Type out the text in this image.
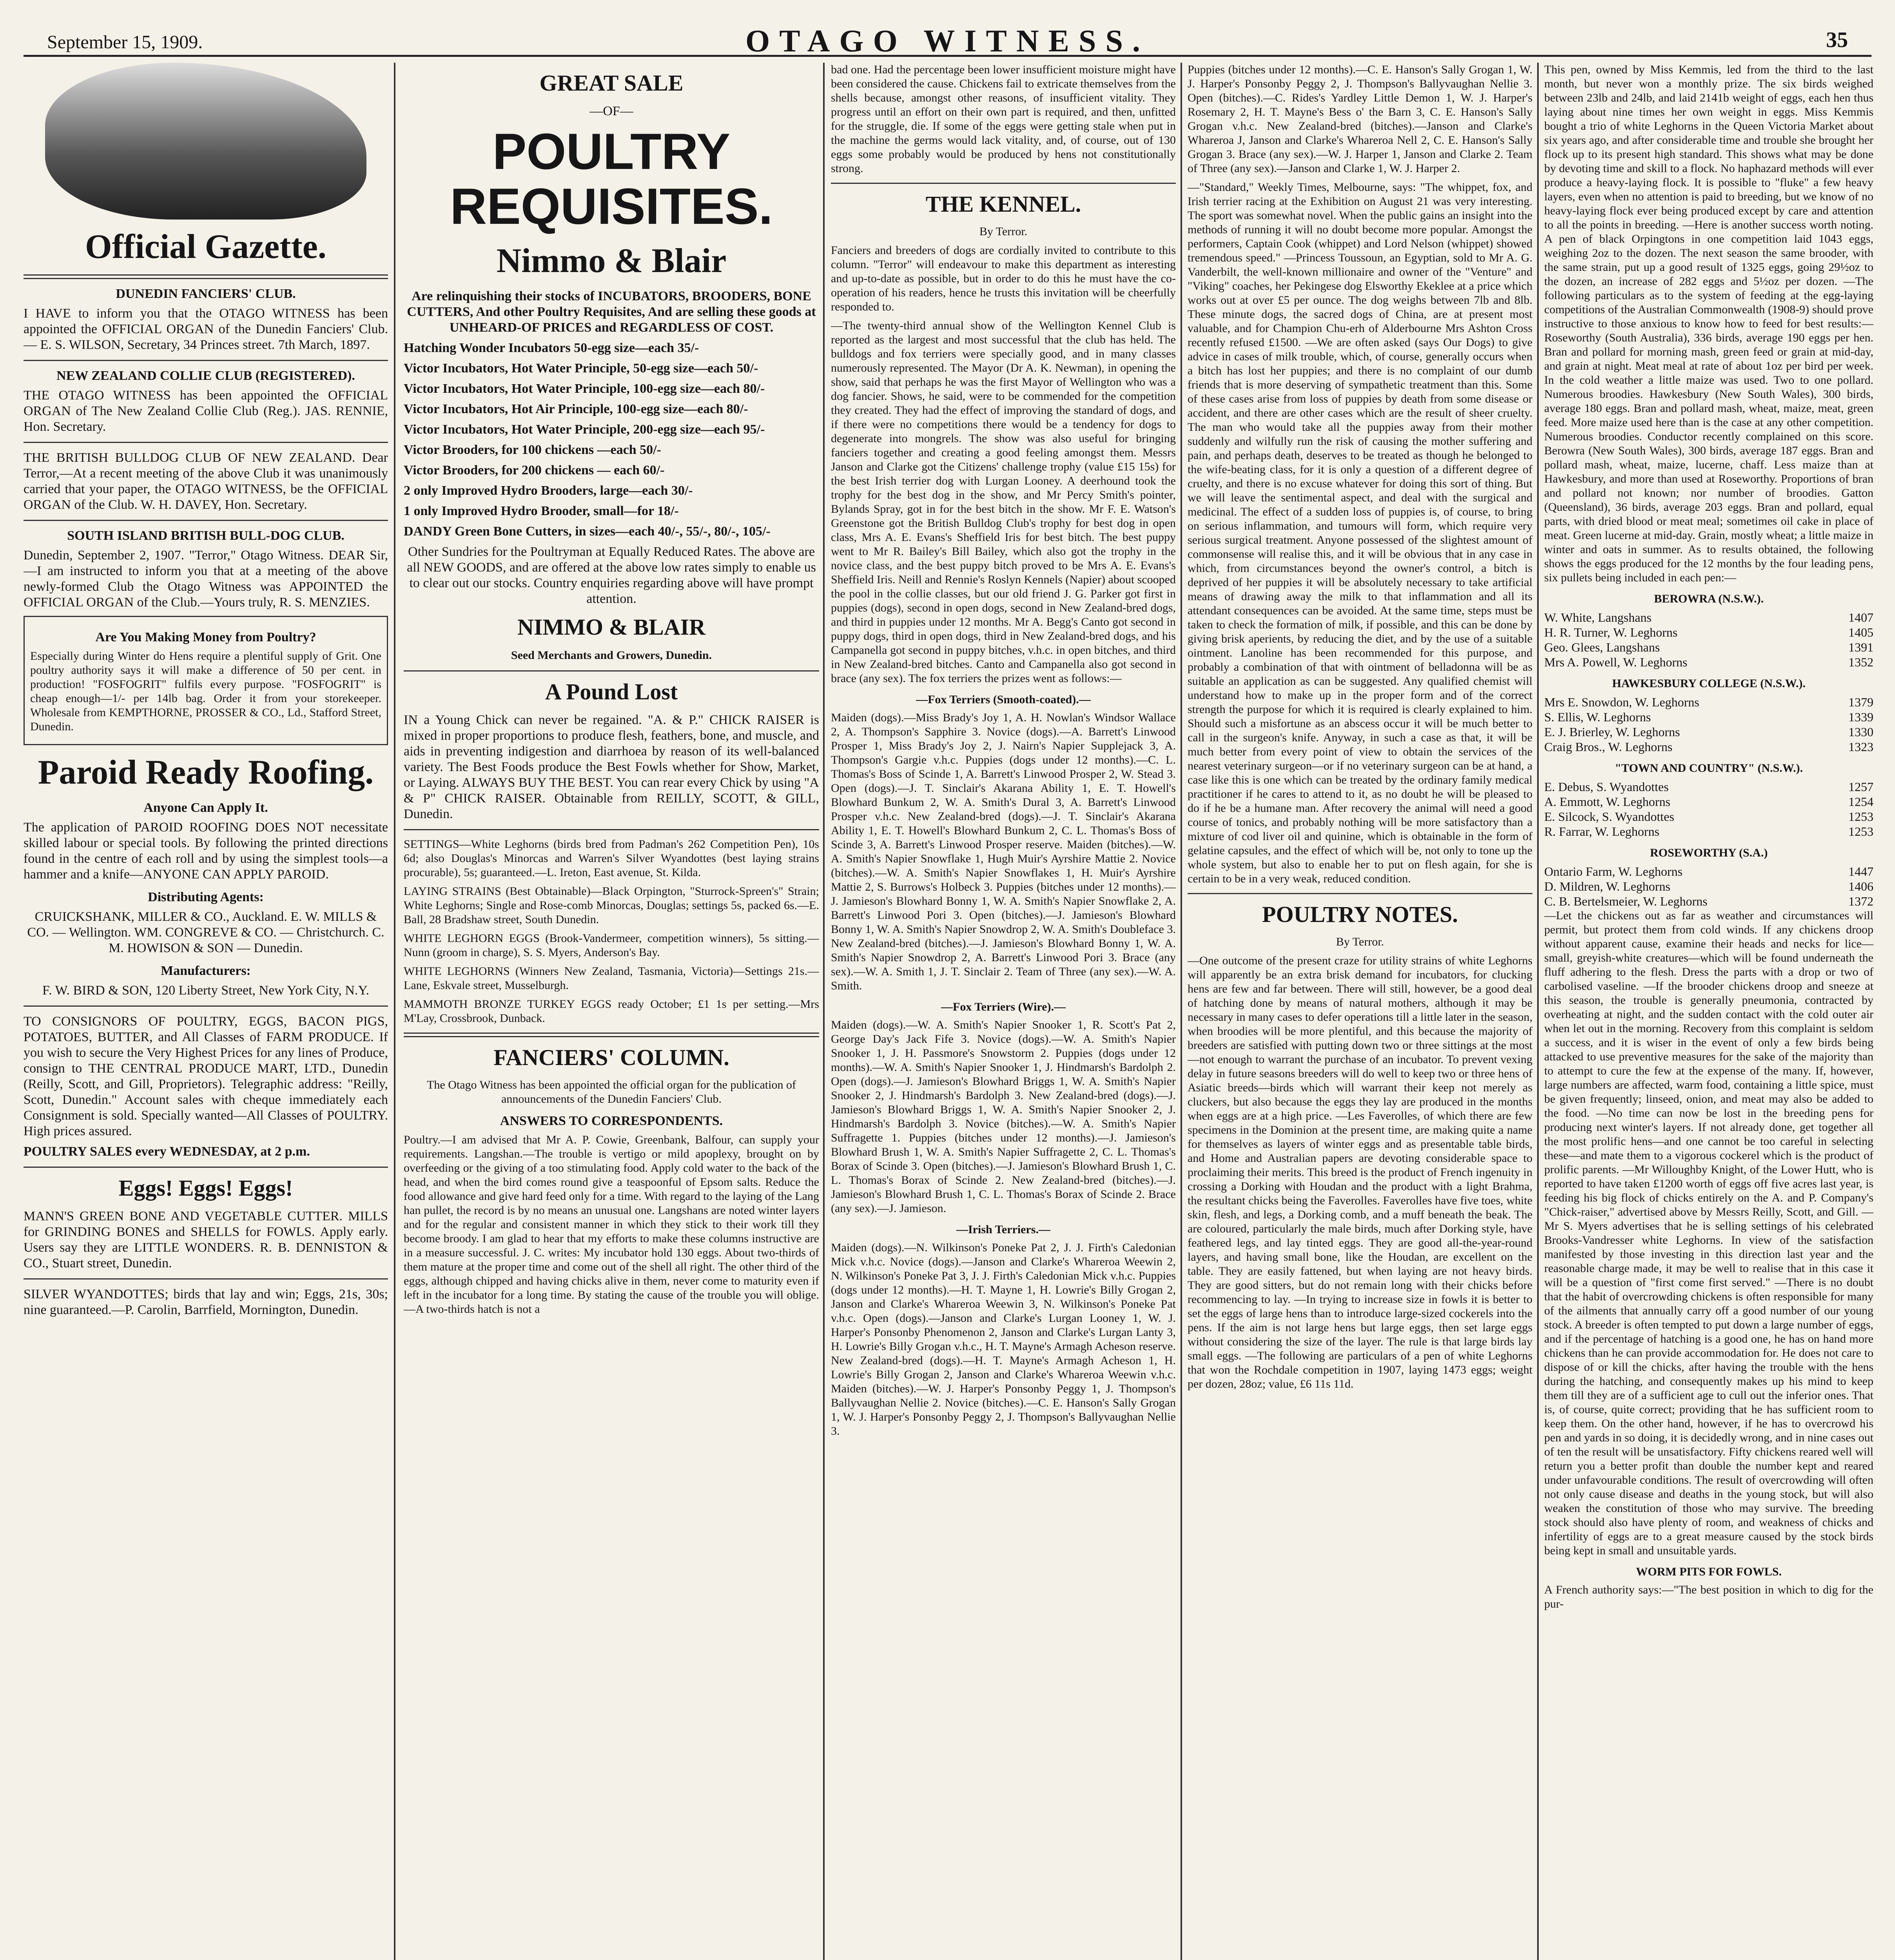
September 15, 1909.	OTAGO WITNESS.	35

Official Gazette.

DUNEDIN FANCIERS' CLUB.

I HAVE to inform you that the OTAGO WITNESS has been appointed the OFFICIAL ORGAN of the Dunedin Fanciers' Club. — E. S. WILSON, Secretary, 34 Princes street. 7th March, 1897.

NEW ZEALAND COLLIE CLUB (REGISTERED).

THE OTAGO WITNESS has been appointed the OFFICIAL ORGAN of The New Zealand Collie Club (Reg.). JAS. RENNIE, Hon. Secretary.

THE BRITISH BULLDOG CLUB OF NEW ZEALAND. Dear Terror,—At a recent meeting of the above Club it was unanimously carried that your paper, the OTAGO WITNESS, be the OFFICIAL ORGAN of the Club. W. H. DAVEY, Hon. Secretary.

SOUTH ISLAND BRITISH BULL-DOG CLUB.

Dunedin, September 2, 1907. "Terror," Otago Witness. DEAR Sir,—I am instructed to inform you that at a meeting of the above newly-formed Club the Otago Witness was APPOINTED the OFFICIAL ORGAN of the Club.—Yours truly, R. S. MENZIES.

Are You Making Money from Poultry?

Especially during Winter do Hens require a plentiful supply of Grit. One poultry authority says it will make a difference of 50 per cent. in production! "FOSFOGRIT" fulfils every purpose. "FOSFOGRIT" is cheap enough—1/- per 14lb bag. Order it from your storekeeper. Wholesale from KEMPTHORNE, PROSSER & CO., Ld., Stafford Street, Dunedin.

Paroid Ready Roofing.

Anyone Can Apply It.

The application of PAROID ROOFING DOES NOT necessitate skilled labour or special tools. By following the printed directions found in the centre of each roll and by using the simplest tools—a hammer and a knife—ANYONE CAN APPLY PAROID.

Distributing Agents:

CRUICKSHANK, MILLER & CO., Auckland. E. W. MILLS & CO. — Wellington. WM. CONGREVE & CO. — Christchurch. C. M. HOWISON & SON — Dunedin.

Manufacturers:

F. W. BIRD & SON, 120 Liberty Street, New York City, N.Y.

TO CONSIGNORS OF POULTRY, EGGS, BACON PIGS, POTATOES, BUTTER, and All Classes of FARM PRODUCE. If you wish to secure the Very Highest Prices for any lines of Produce, consign to THE CENTRAL PRODUCE MART, LTD., Dunedin (Reilly, Scott, and Gill, Proprietors). Telegraphic address: "Reilly, Scott, Dunedin." Account sales with cheque immediately each Consignment is sold. Specially wanted—All Classes of POULTRY. High prices assured.

POULTRY SALES every WEDNESDAY, at 2 p.m.

Eggs! Eggs! Eggs!

MANN'S GREEN BONE AND VEGETABLE CUTTER. MILLS for GRINDING BONES and SHELLS for FOWLS. Apply early. Users say they are LITTLE WONDERS. R. B. DENNISTON & CO., Stuart street, Dunedin.

SILVER WYANDOTTES; birds that lay and win; Eggs, 21s, 30s; nine guaranteed.—P. Carolin, Barrfield, Mornington, Dunedin.

GREAT SALE

—OF—

POULTRY

REQUISITES.

Nimmo & Blair

Are relinquishing their stocks of INCUBATORS, BROODERS, BONE CUTTERS, And other Poultry Requisites, And are selling these goods at UNHEARD-OF PRICES and REGARDLESS OF COST.

Hatching Wonder Incubators 50-egg size—each 35/-

Victor Incubators, Hot Water Principle, 50-egg size—each 50/-

Victor Incubators, Hot Water Principle, 100-egg size—each 80/-

Victor Incubators, Hot Air Principle, 100-egg size—each 80/-

Victor Incubators, Hot Water Principle, 200-egg size—each 95/-

Victor Brooders, for 100 chickens —each 50/-

Victor Brooders, for 200 chickens — each 60/-

2 only Improved Hydro Brooders, large—each 30/-

1 only Improved Hydro Brooder, small—for 18/-

DANDY Green Bone Cutters, in sizes—each 40/-, 55/-, 80/-, 105/-

Other Sundries for the Poultryman at Equally Reduced Rates. The above are all NEW GOODS, and are offered at the above low rates simply to enable us to clear out our stocks. Country enquiries regarding above will have prompt attention.

NIMMO & BLAIR

Seed Merchants and Growers, Dunedin.

A Pound Lost

IN a Young Chick can never be regained. "A. & P." CHICK RAISER is mixed in proper proportions to produce flesh, feathers, bone, and muscle, and aids in preventing indigestion and diarrhoea by reason of its well-balanced variety. The Best Foods produce the Best Fowls whether for Show, Market, or Laying. ALWAYS BUY THE BEST. You can rear every Chick by using "A & P" CHICK RAISER. Obtainable from REILLY, SCOTT, & GILL, Dunedin.

SETTINGS—White Leghorns (birds bred from Padman's 262 Competition Pen), 10s 6d; also Douglas's Minorcas and Warren's Silver Wyandottes (best laying strains procurable), 5s; guaranteed.—L. Ireton, East avenue, St. Kilda.

LAYING STRAINS (Best Obtainable)—Black Orpington, "Sturrock-Spreen's" Strain; White Leghorns; Single and Rose-comb Minorcas, Douglas; settings 5s, packed 6s.—E. Ball, 28 Bradshaw street, South Dunedin.

WHITE LEGHORN EGGS (Brook-Vandermeer, competition winners), 5s sitting.—Nunn (groom in charge), S. S. Myers, Anderson's Bay.

WHITE LEGHORNS (Winners New Zealand, Tasmania, Victoria)—Settings 21s.—Lane, Eskvale street, Musselburgh.

MAMMOTH BRONZE TURKEY EGGS ready October; £1 1s per setting.—Mrs M'Lay, Crossbrook, Dunback.

FANCIERS' COLUMN.

The Otago Witness has been appointed the official organ for the publication of announcements of the Dunedin Fanciers' Club.

ANSWERS TO CORRESPONDENTS.

Poultry.—I am advised that Mr A. P. Cowie, Greenbank, Balfour, can supply your requirements. Langshan.—The trouble is vertigo or mild apoplexy, brought on by overfeeding or the giving of a too stimulating food. Apply cold water to the back of the head, and when the bird comes round give a teaspoonful of Epsom salts. Reduce the food allowance and give hard feed only for a time. With regard to the laying of the Lang han pullet, the record is by no means an unusual one. Langshans are noted winter layers and for the regular and consistent manner in which they stick to their work till they become broody. I am glad to hear that my efforts to make these columns instructive are in a measure successful. J. C. writes: My incubator hold 130 eggs. About two-thirds of them mature at the proper time and come out of the shell all right. The other third of the eggs, although chipped and having chicks alive in them, never come to maturity even if left in the incubator for a long time. By stating the cause of the trouble you will oblige.—A two-thirds hatch is not a

bad one. Had the percentage been lower insufficient moisture might have been considered the cause. Chickens fail to extricate themselves from the shells because, amongst other reasons, of insufficient vitality. They progress until an effort on their own part is required, and then, unfitted for the struggle, die. If some of the eggs were getting stale when put in the machine the germs would lack vitality, and, of course, out of 130 eggs some probably would be produced by hens not constitutionally strong.

THE KENNEL.

By Terror.

Fanciers and breeders of dogs are cordially invited to contribute to this column. "Terror" will endeavour to make this department as interesting and up-to-date as possible, but in order to do this he must have the co-operation of his readers, hence he trusts this invitation will be cheerfully responded to.

—The twenty-third annual show of the Wellington Kennel Club is reported as the largest and most successful that the club has held. The bulldogs and fox terriers were specially good, and in many classes numerously represented. The Mayor (Dr A. K. Newman), in opening the show, said that perhaps he was the first Mayor of Wellington who was a dog fancier. Shows, he said, were to be commended for the competition they created. They had the effect of improving the standard of dogs, and if there were no competitions there would be a tendency for dogs to degenerate into mongrels. The show was also useful for bringing fanciers together and creating a good feeling amongst them. Messrs Janson and Clarke got the Citizens' challenge trophy (value £15 15s) for the best Irish terrier dog with Lurgan Looney. A deerhound took the trophy for the best dog in the show, and Mr Percy Smith's pointer, Bylands Spray, got in for the best bitch in the show. Mr F. E. Watson's Greenstone got the British Bulldog Club's trophy for best dog in open class, Mrs A. E. Evans's Sheffield Iris for best bitch. The best puppy went to Mr R. Bailey's Bill Bailey, which also got the trophy in the novice class, and the best puppy bitch proved to be Mrs A. E. Evans's Sheffield Iris. Neill and Rennie's Roslyn Kennels (Napier) about scooped the pool in the collie classes, but our old friend J. G. Parker got first in puppies (dogs), second in open dogs, second in New Zealand-bred dogs, and third in puppies under 12 months. Mr A. Begg's Canto got second in puppy dogs, third in open dogs, third in New Zealand-bred dogs, and his Campanella got second in puppy bitches, v.h.c. in open bitches, and third in New Zealand-bred bitches. Canto and Campanella also got second in brace (any sex). The fox terriers the prizes went as follows:—

—Fox Terriers (Smooth-coated).—

Maiden (dogs).—Miss Brady's Joy 1, A. H. Nowlan's Windsor Wallace 2, A. Thompson's Sapphire 3. Novice (dogs).—A. Barrett's Linwood Prosper 1, Miss Brady's Joy 2, J. Nairn's Napier Supplejack 3, A. Thompson's Gargie v.h.c. Puppies (dogs under 12 months).—C. L. Thomas's Boss of Scinde 1, A. Barrett's Linwood Prosper 2, W. Stead 3. Open (dogs).—J. T. Sinclair's Akarana Ability 1, E. T. Howell's Blowhard Bunkum 2, W. A. Smith's Dural 3, A. Barrett's Linwood Prosper v.h.c. New Zealand-bred (dogs).—J. T. Sinclair's Akarana Ability 1, E. T. Howell's Blowhard Bunkum 2, C. L. Thomas's Boss of Scinde 3, A. Barrett's Linwood Prosper reserve. Maiden (bitches).—W. A. Smith's Napier Snowflake 1, Hugh Muir's Ayrshire Mattie 2. Novice (bitches).—W. A. Smith's Napier Snowflakes 1, H. Muir's Ayrshire Mattie 2, S. Burrows's Holbeck 3. Puppies (bitches under 12 months).—J. Jamieson's Blowhard Bonny 1, W. A. Smith's Napier Snowflake 2, A. Barrett's Linwood Pori 3. Open (bitches).—J. Jamieson's Blowhard Bonny 1, W. A. Smith's Napier Snowdrop 2, W. A. Smith's Doubleface 3. New Zealand-bred (bitches).—J. Jamieson's Blowhard Bonny 1, W. A. Smith's Napier Snowdrop 2, A. Barrett's Linwood Pori 3. Brace (any sex).—W. A. Smith 1, J. T. Sinclair 2. Team of Three (any sex).—W. A. Smith.

—Fox Terriers (Wire).—

Maiden (dogs).—W. A. Smith's Napier Snooker 1, R. Scott's Pat 2, George Day's Jack Fife 3. Novice (dogs).—W. A. Smith's Napier Snooker 1, J. H. Passmore's Snowstorm 2. Puppies (dogs under 12 months).—W. A. Smith's Napier Snooker 1, J. Hindmarsh's Bardolph 2. Open (dogs).—J. Jamieson's Blowhard Briggs 1, W. A. Smith's Napier Snooker 2, J. Hindmarsh's Bardolph 3. New Zealand-bred (dogs).—J. Jamieson's Blowhard Briggs 1, W. A. Smith's Napier Snooker 2, J. Hindmarsh's Bardolph 3. Novice (bitches).—W. A. Smith's Napier Suffragette 1. Puppies (bitches under 12 months).—J. Jamieson's Blowhard Brush 1, W. A. Smith's Napier Suffragette 2, C. L. Thomas's Borax of Scinde 3. Open (bitches).—J. Jamieson's Blowhard Brush 1, C. L. Thomas's Borax of Scinde 2. New Zealand-bred (bitches).—J. Jamieson's Blowhard Brush 1, C. L. Thomas's Borax of Scinde 2. Brace (any sex).—J. Jamieson.

—Irish Terriers.—

Maiden (dogs).—N. Wilkinson's Poneke Pat 2, J. J. Firth's Caledonian Mick v.h.c. Novice (dogs).—Janson and Clarke's Whareroa Weewin 2, N. Wilkinson's Poneke Pat 3, J. J. Firth's Caledonian Mick v.h.c. Puppies (dogs under 12 months).—H. T. Mayne 1, H. Lowrie's Billy Grogan 2, Janson and Clarke's Whareroa Weewin 3, N. Wilkinson's Poneke Pat v.h.c. Open (dogs).—Janson and Clarke's Lurgan Looney 1, W. J. Harper's Ponsonby Phenomenon 2, Janson and Clarke's Lurgan Lanty 3, H. Lowrie's Billy Grogan v.h.c., H. T. Mayne's Armagh Acheson reserve. New Zealand-bred (dogs).—H. T. Mayne's Armagh Acheson 1, H. Lowrie's Billy Grogan 2, Janson and Clarke's Whareroa Weewin v.h.c. Maiden (bitches).—W. J. Harper's Ponsonby Peggy 1, J. Thompson's Ballyvaughan Nellie 2. Novice (bitches).—C. E. Hanson's Sally Grogan 1, W. J. Harper's Ponsonby Peggy 2, J. Thompson's Ballyvaughan Nellie 3.

Puppies (bitches under 12 months).—C. E. Hanson's Sally Grogan 1, W. J. Harper's Ponsonby Peggy 2, J. Thompson's Ballyvaughan Nellie 3. Open (bitches).—C. Rides's Yardley Little Demon 1, W. J. Harper's Rosemary 2, H. T. Mayne's Bess o' the Barn 3, C. E. Hanson's Sally Grogan v.h.c. New Zealand-bred (bitches).—Janson and Clarke's Whareroa J, Janson and Clarke's Whareroa Nell 2, C. E. Hanson's Sally Grogan 3. Brace (any sex).—W. J. Harper 1, Janson and Clarke 2. Team of Three (any sex).—Janson and Clarke 1, W. J. Harper 2.

—"Standard," Weekly Times, Melbourne, says: "The whippet, fox, and Irish terrier racing at the Exhibition on August 21 was very interesting. The sport was somewhat novel. When the public gains an insight into the methods of running it will no doubt become more popular. Amongst the performers, Captain Cook (whippet) and Lord Nelson (whippet) showed tremendous speed." —Princess Toussoun, an Egyptian, sold to Mr A. G. Vanderbilt, the well-known millionaire and owner of the "Venture" and "Viking" coaches, her Pekingese dog Elsworthy Ekeklee at a price which works out at over £5 per ounce. The dog weighs between 7lb and 8lb. These minute dogs, the sacred dogs of China, are at present most valuable, and for Champion Chu-erh of Alderbourne Mrs Ashton Cross recently refused £1500. —We are often asked (says Our Dogs) to give advice in cases of milk trouble, which, of course, generally occurs when a bitch has lost her puppies; and there is no complaint of our dumb friends that is more deserving of sympathetic treatment than this. Some of these cases arise from loss of puppies by death from some disease or accident, and there are other cases which are the result of sheer cruelty. The man who would take all the puppies away from their mother suddenly and wilfully run the risk of causing the mother suffering and pain, and perhaps death, deserves to be treated as though he belonged to the wife-beating class, for it is only a question of a different degree of cruelty, and there is no excuse whatever for doing this sort of thing. But we will leave the sentimental aspect, and deal with the surgical and medicinal. The effect of a sudden loss of puppies is, of course, to bring on serious inflammation, and tumours will form, which require very serious surgical treatment. Anyone possessed of the slightest amount of commonsense will realise this, and it will be obvious that in any case in which, from circumstances beyond the owner's control, a bitch is deprived of her puppies it will be absolutely necessary to take artificial means of drawing away the milk to that inflammation and all its attendant consequences can be avoided. At the same time, steps must be taken to check the formation of milk, if possible, and this can be done by giving brisk aperients, by reducing the diet, and by the use of a suitable ointment. Lanoline has been recommended for this purpose, and probably a combination of that with ointment of belladonna will be as suitable an application as can be suggested. Any qualified chemist will understand how to make up in the proper form and of the correct strength the purpose for which it is required is clearly explained to him. Should such a misfortune as an abscess occur it will be much better to call in the surgeon's knife. Anyway, in such a case as that, it will be much better from every point of view to obtain the services of the nearest veterinary surgeon—or if no veterinary surgeon can be at hand, a case like this is one which can be treated by the ordinary family medical practitioner if he cares to attend to it, as no doubt he will be pleased to do if he be a humane man. After recovery the animal will need a good course of tonics, and probably nothing will be more satisfactory than a mixture of cod liver oil and quinine, which is obtainable in the form of gelatine capsules, and the effect of which will be, not only to tone up the whole system, but also to enable her to put on flesh again, for she is certain to be in a very weak, reduced condition.

POULTRY NOTES.

By Terror.

—One outcome of the present craze for utility strains of white Leghorns will apparently be an extra brisk demand for incubators, for clucking hens are few and far between. There will still, however, be a good deal of hatching done by means of natural mothers, although it may be necessary in many cases to defer operations till a little later in the season, when broodies will be more plentiful, and this because the majority of breeders are satisfied with putting down two or three sittings at the most—not enough to warrant the purchase of an incubator. To prevent vexing delay in future seasons breeders will do well to keep two or three hens of Asiatic breeds—birds which will warrant their keep not merely as cluckers, but also because the eggs they lay are produced in the months when eggs are at a high price. —Les Faverolles, of which there are few specimens in the Dominion at the present time, are making quite a name for themselves as layers of winter eggs and as presentable table birds, and Home and Australian papers are devoting considerable space to proclaiming their merits. This breed is the product of French ingenuity in crossing a Dorking with Houdan and the product with a light Brahma, the resultant chicks being the Faverolles. Faverolles have five toes, white skin, flesh, and legs, a Dorking comb, and a muff beneath the beak. The are coloured, particularly the male birds, much after Dorking style, have feathered legs, and lay tinted eggs. They are good all-the-year-round layers, and having small bone, like the Houdan, are excellent on the table. They are easily fattened, but when laying are not heavy birds. They are good sitters, but do not remain long with their chicks before recommencing to lay. —In trying to increase size in fowls it is better to set the eggs of large hens than to introduce large-sized cockerels into the pens. If the aim is not large hens but large eggs, then set large eggs without considering the size of the layer. The rule is that large birds lay small eggs. —The following are particulars of a pen of white Leghorns that won the Rochdale competition in 1907, laying 1473 eggs; weight per dozen, 28oz; value, £6 11s 11d.

This pen, owned by Miss Kemmis, led from the third to the last month, but never won a monthly prize. The six birds weighed between 23lb and 24lb, and laid 2141b weight of eggs, each hen thus laying about nine times her own weight in eggs. Miss Kemmis bought a trio of white Leghorns in the Queen Victoria Market about six years ago, and after considerable time and trouble she brought her flock up to its present high standard. This shows what may be done by devoting time and skill to a flock. No haphazard methods will ever produce a heavy-laying flock. It is possible to "fluke" a few heavy layers, even when no attention is paid to breeding, but we know of no heavy-laying flock ever being produced except by care and attention to all the points in breeding. —Here is another success worth noting. A pen of black Orpingtons in one competition laid 1043 eggs, weighing 2oz to the dozen. The next season the same brooder, with the same strain, put up a good result of 1325 eggs, going 29½oz to the dozen, an increase of 282 eggs and 5½oz per dozen. —The following particulars as to the system of feeding at the egg-laying competitions of the Australian Commonwealth (1908-9) should prove instructive to those anxious to know how to feed for best results:— Roseworthy (South Australia), 336 birds, average 190 eggs per hen. Bran and pollard for morning mash, green feed or grain at mid-day, and grain at night. Meat meal at rate of about 1oz per bird per week. In the cold weather a little maize was used. Two to one pollard. Numerous broodies. Hawkesbury (New South Wales), 300 birds, average 180 eggs. Bran and pollard mash, wheat, maize, meat, green feed. More maize used here than is the case at any other competition. Numerous broodies. Conductor recently complained on this score. Berowra (New South Wales), 300 birds, average 187 eggs. Bran and pollard mash, wheat, maize, lucerne, chaff. Less maize than at Hawkesbury, and more than used at Roseworthy. Proportions of bran and pollard not known; nor number of broodies. Gatton (Queensland), 36 birds, average 203 eggs. Bran and pollard, equal parts, with dried blood or meat meal; sometimes oil cake in place of meat. Green lucerne at mid-day. Grain, mostly wheat; a little maize in winter and oats in summer. As to results obtained, the following shows the eggs produced for the 12 months by the four leading pens, six pullets being included in each pen:—

BEROWRA (N.S.W.).

W. White, Langshans	1407
H. R. Turner, W. Leghorns	1405
Geo. Glees, Langshans	1391
Mrs A. Powell, W. Leghorns	1352

HAWKESBURY COLLEGE (N.S.W.).

Mrs E. Snowdon, W. Leghorns	1379
S. Ellis, W. Leghorns	1339
E. J. Brierley, W. Leghorns	1330
Craig Bros., W. Leghorns	1323

"TOWN AND COUNTRY" (N.S.W.).

E. Debus, S. Wyandottes	1257
A. Emmott, W. Leghorns	1254
E. Silcock, S. Wyandottes	1253
R. Farrar, W. Leghorns	1253

ROSEWORTHY (S.A.)

Ontario Farm, W. Leghorns	1447
D. Mildren, W. Leghorns	1406
C. B. Bertelsmeier, W. Leghorns	1372

—Let the chickens out as far as weather and circumstances will permit, but protect them from cold winds. If any chickens droop without apparent cause, examine their heads and necks for lice—small, greyish-white creatures—which will be found underneath the fluff adhering to the flesh. Dress the parts with a drop or two of carbolised vaseline. —If the brooder chickens droop and sneeze at this season, the trouble is generally pneumonia, contracted by overheating at night, and the sudden contact with the cold outer air when let out in the morning. Recovery from this complaint is seldom a success, and it is wiser in the event of only a few birds being attacked to use preventive measures for the sake of the majority than to attempt to cure the few at the expense of the many. If, however, large numbers are affected, warm food, containing a little spice, must be given frequently; linseed, onion, and meat may also be added to the food. —No time can now be lost in the breeding pens for producing next winter's layers. If not already done, get together all the most prolific hens—and one cannot be too careful in selecting these—and mate them to a vigorous cockerel which is the product of prolific parents. —Mr Willoughby Knight, of the Lower Hutt, who is reported to have taken £1200 worth of eggs off five acres last year, is feeding his big flock of chicks entirely on the A. and P. Company's "Chick-raiser," advertised above by Messrs Reilly, Scott, and Gill. —Mr S. Myers advertises that he is selling settings of his celebrated Brooks-Vandresser white Leghorns. In view of the satisfaction manifested by those investing in this direction last year and the reasonable charge made, it may be well to realise that in this case it will be a question of "first come first served." —There is no doubt that the habit of overcrowding chickens is often responsible for many of the ailments that annually carry off a good number of our young stock. A breeder is often tempted to put down a large number of eggs, and if the percentage of hatching is a good one, he has on hand more chickens than he can provide accommodation for. He does not care to dispose of or kill the chicks, after having the trouble with the hens during the hatching, and consequently makes up his mind to keep them till they are of a sufficient age to cull out the inferior ones. That is, of course, quite correct; providing that he has sufficient room to keep them. On the other hand, however, if he has to overcrowd his pen and yards in so doing, it is decidedly wrong, and in nine cases out of ten the result will be unsatisfactory. Fifty chickens reared well will return you a better profit than double the number kept and reared under unfavourable conditions. The result of overcrowding will often not only cause disease and deaths in the young stock, but will also weaken the constitution of those who may survive. The breeding stock should also have plenty of room, and weakness of chicks and infertility of eggs are to a great measure caused by the stock birds being kept in small and unsuitable yards.

WORM PITS FOR FOWLS.

A French authority says:—"The best position in which to dig for the pur-
